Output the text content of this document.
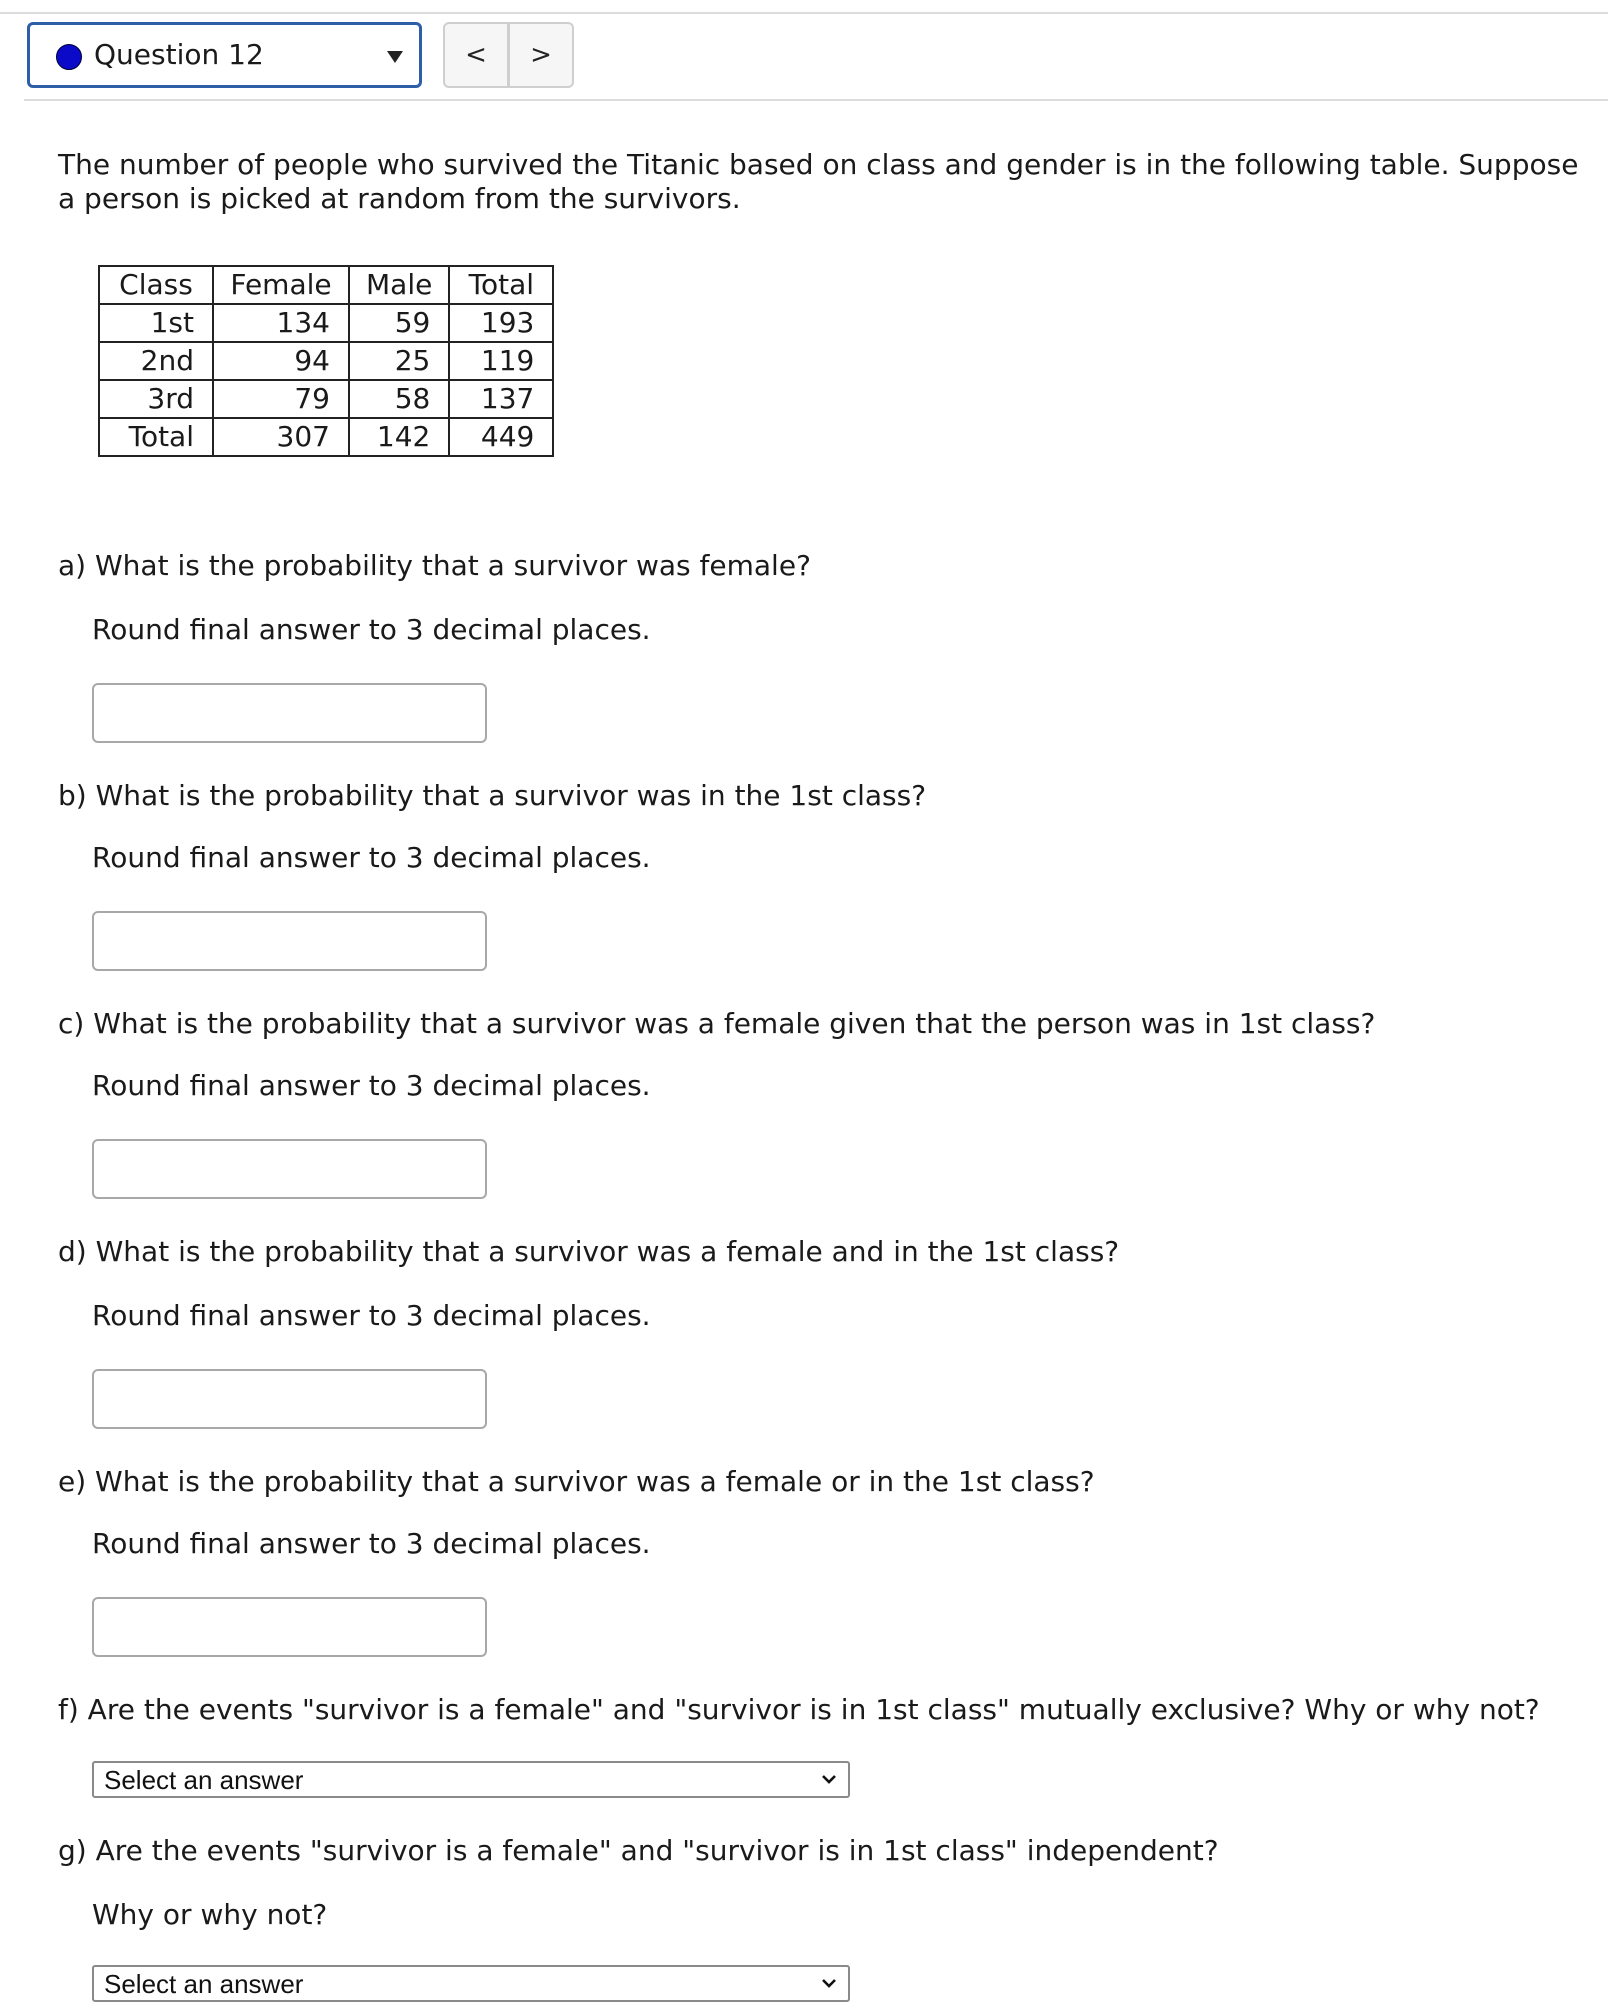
Question 12	<	>
The number of people who survived the Titanic based on class and gender is in the following table. Suppose
a person is picked at random from the survivors.
Class	Female	Male	Total
1st	134	59	193
2nd	94	25	119
3rd	79	58	137
Total	307	142	449
a) What is the probability that a survivor was female?
Round final answer to 3 decimal places.
b) What is the probability that a survivor was in the 1st class?
Round final answer to 3 decimal places.
c) What is the probability that a survivor was a female given that the person was in 1st class?
Round final answer to 3 decimal places.
d) What is the probability that a survivor was a female and in the 1st class?
Round final answer to 3 decimal places.
e) What is the probability that a survivor was a female or in the 1st class?
Round final answer to 3 decimal places.
f) Are the events "survivor is a female" and "survivor is in 1st class" mutually exclusive? Why or why not?
Select an answer
g) Are the events "survivor is a female" and "survivor is in 1st class" independent?
Why or why not?
Select an answer
